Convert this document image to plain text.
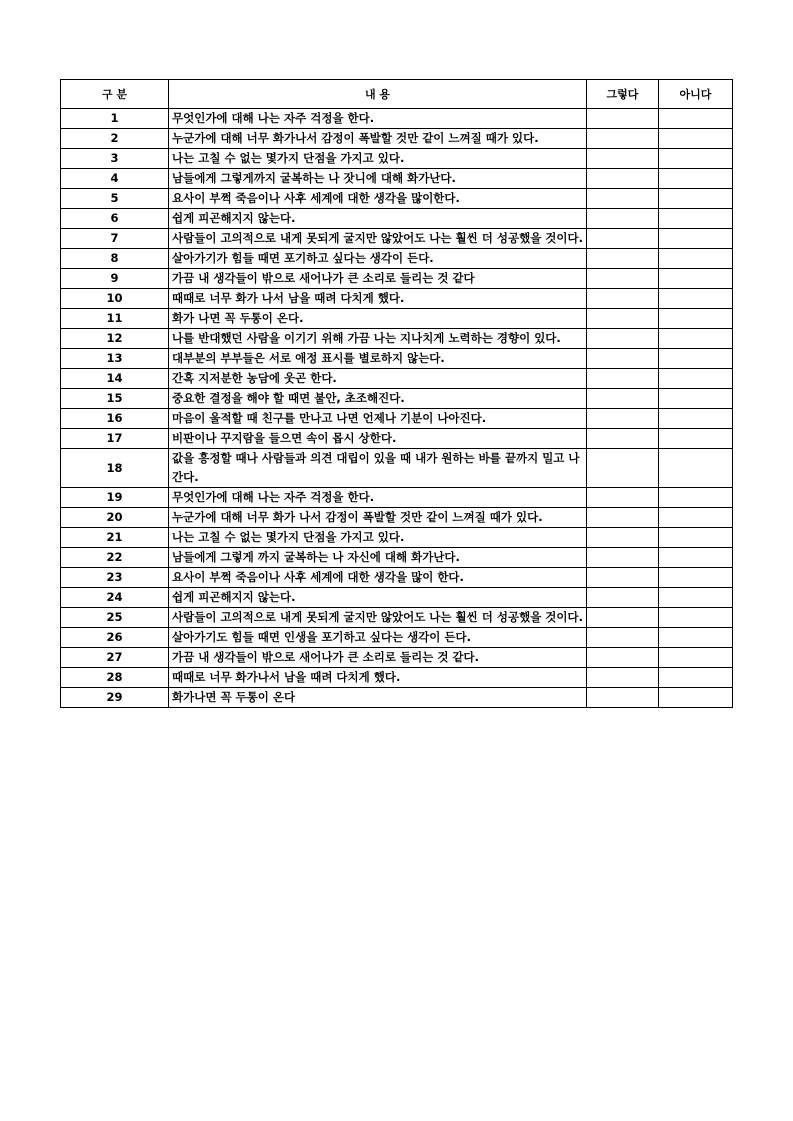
구 분	내 용	그렇다	아니다
1	무엇인가에 대해 나는 자주 걱정을 한다.		
2	누군가에 대해 너무 화가나서 감정이 폭발할 것만 같이 느껴질 때가 있다.		
3	나는 고칠 수 없는 몇가지 단점을 가지고 있다.		
4	남들에게 그렇게까지 굴복하는 나 잣니에 대해 화가난다.		
5	요사이 부쩍 죽음이나 사후 세계에 대한 생각을 많이한다.		
6	쉽게 피곤해지지 않는다.		
7	사람들이 고의적으로 내게 못되게 굴지만 않았어도 나는 훨씬 더 성공했을 것이다.		
8	살아가기가 힘들 때면 포기하고 싶다는 생각이 든다.		
9	가끔 내 생각들이 밖으로 새어나가 큰 소리로 들리는 것 같다		
10	때때로 너무 화가 나서 남을 때려 다치게 했다.		
11	화가 나면 꼭 두통이 온다.		
12	나를 반대했던 사람을 이기기 위해 가끔 나는 지나치게 노력하는 경향이 있다.		
13	대부분의 부부들은 서로 애정 표시를 별로하지 않는다.		
14	간혹 지저분한 농담에 웃곤 한다.		
15	중요한 결정을 해야 할 때면 불안, 초조해진다.		
16	마음이 울적할 때 친구를 만나고 나면 언제나 기분이 나아진다.		
17	비판이나 꾸지람을 들으면 속이 몹시 상한다.		
18	값을 흥정할 때나 사람들과 의견 대립이 있을 때 내가 원하는 바를 끝까지 밀고 나간다.		
19	무엇인가에 대해 나는 자주 걱정을 한다.		
20	누군가에 대해 너무 화가 나서 감정이 폭발할 것만 같이 느껴질 때가 있다.		
21	나는 고칠 수 없는 몇가지 단점을 가지고 있다.		
22	남들에게 그렇게 까지 굴복하는 나 자신에 대해 화가난다.		
23	요사이 부쩍 죽음이나 사후 세계에 대한 생각을 많이 한다.		
24	쉽게 피곤해지지 않는다.		
25	사람들이 고의적으로 내게 못되게 굴지만 않았어도 나는 훨씬 더 성공했을 것이다.		
26	살아가기도 힘들 때면 인생을 포기하고 싶다는 생각이 든다.		
27	가끔 내 생각들이 밖으로 새어나가 큰 소리로 들리는 것 같다.		
28	때때로 너무 화가나서 남을 때려 다치게 했다.		
29	화가나면 꼭 두통이 온다		
